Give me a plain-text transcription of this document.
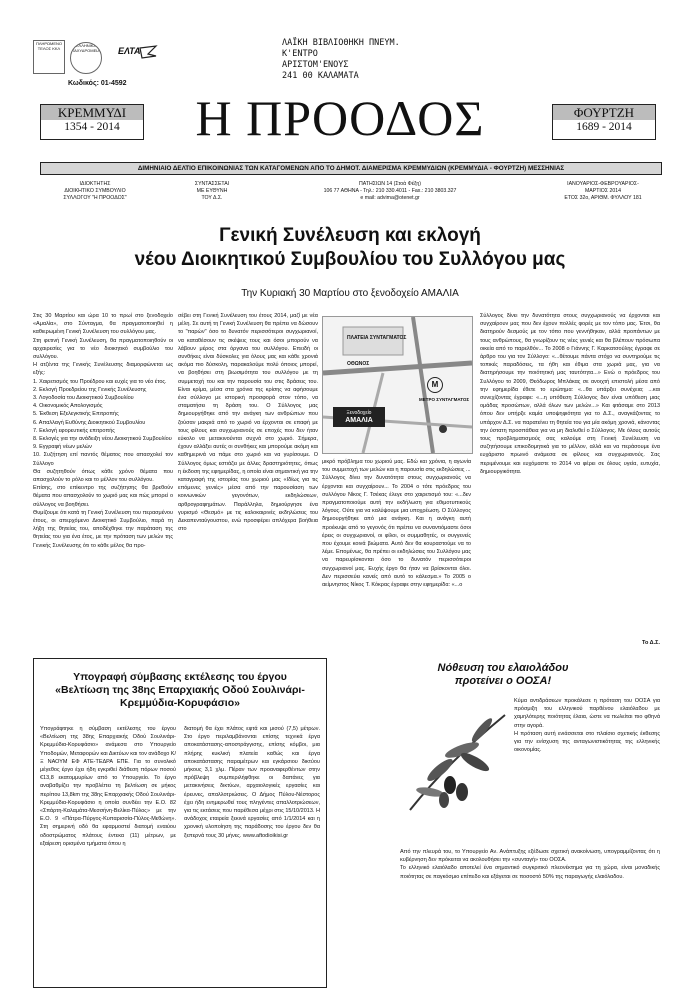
ΠΛΗΡΩΜΕΝΟ ΤΕΛΟΣ ΚΚΛ
ΕΛΛΗΝΙΚΑ ΤΑΧΥΔΡΟΜΕΙΑ ΕΛΤΑ
Κωδικός: 01-4592
ΛΑΪΚΗ ΒΙΒΛΙΟΘΗΚΗ ΠΝΕΥΜ.
Κ'ΕΝΤΡΟ
ΑΡΙΣΤΟΜ'ΕΝΟΥΣ
241 00 ΚΑΛΑΜΑΤΑ
ΚΡΕΜΜΥΔΙ
1354 - 2014
ΦΟΥΡΤΖΗ
1689 - 2014
Η ΠΡΟΟΔΟΣ
ΔΙΜΗΝΙΑΙΟ ΔΕΛΤΙΟ ΕΠΙΚΟΙΝΩΝΙΑΣ ΤΩΝ ΚΑΤΑΓΟΜΕΝΩΝ ΑΠΟ ΤΟ ΔΗΜΟΤ. ΔΙΑΜΕΡΙΣΜΑ ΚΡΕΜΜΥΔΙΩΝ (ΚΡΕΜΜΥΔΙΑ - ΦΟΥΡΤΖΗ) ΜΕΣΣΗΝΙΑΣ
ΙΔΙΟΚΤΗΤΗΣ
ΔΙΟΙΚΗΤΙΚΟ ΣΥΜΒΟΥΛΙΟ
ΣΥΛΛΟΓΟΥ "Η ΠΡΟΟΔΟΣ"
ΣΥΝΤΑΣΣΕΤΑΙ
ΜΕ ΕΥΘΥΝΗ
ΤΟΥ Δ.Σ.
ΠΑΤΗΣΙΩΝ 14 (Στοά Φέξη)
106 77 ΑΘΗΝΑ - Τηλ.: 210 330.4011 - Fax.: 210 3803.327
e mail: advima@otenet.gr
ΙΑΝΟΥΑΡΙΟΣ-ΦΕΒΡΟΥΑΡΙΟΣ-
ΜΑΡΤΙΟΣ 2014
ΕΤΟΣ 32ο, ΑΡΙΘΜ. ΦΥΛΛΟΥ 181
Γενική Συνέλευση και εκλογή
νέου Διοικητικού Συμβουλίου του Συλλόγου μας
Την Κυριακή 30 Μαρτίου στο ξενοδοχείο ΑΜΑΛΙΑ

Στις 30 Μαρτίου και ώρα 10 το πρωί στο ξενοδοχείο «Αμαλία», στο Σύνταγμα, θα πραγματοποιηθεί η καθιερωμένη Γενική Συνέλευση του συλλόγου μας.

Στη φετινή Γενική Συνέλευση, θα πραγματοποιηθούν οι αρχαιρεσίες για το νέο διοικητικό συμβούλιο του συλλόγου.

Η ατζέντα της Γενικής Συνέλευσης διαμορφώνεται ως εξής:

1. Χαιρετισμός του Προέδρου και ευχές για το νέο έτος.
2. Εκλογή Προεδρείου της Γενικής Συνέλευσης
3. Λογοδοσία του Διοικητικού Συμβουλίου
4. Οικονομικός Απολογισμός
5. Έκθεση Εξελεγκτικής Επιτροπής
6. Απαλλαγή Ευθύνης Διοικητικού Συμβουλίου
7. Εκλογή εφορευτικής επιτροπής
8. Εκλογές για την ανάδειξη νέου Διοικητικού Συμβουλίου
9. Εγγραφή νέων μελών
10. Συζήτηση επί παντός θέματος που απασχολεί τον Σύλλογο

Θα συζητηθούν όπως κάθε χρόνο θέματα που απασχολούν το ρόλο και το μέλλον του συλλόγου.

Επίσης, στο επίκεντρο της συζήτησης θα βρεθούν θέματα που απασχολούν το χωριό μας και πώς μπορεί ο σύλλογος να βοηθήσει.

Θυμίζουμε ότι κατά τη Γενική Συνέλευση του περασμένου έτους, οι απερχόμενο Διοικητικό Συμβούλιο, παρά τη λήξη της θητείας του, αποδέχθηκε την παράταση της θητείας του για ένα έτος, με την πρόταση των μελών της Γενικής Συνέλευσης ότι το κάθε μέλος θα προ-

σέβει στη Γενική Συνέλευση του έτους 2014, μαζί με νέα μέλη. Σε αυτή τη Γενική Συνέλευση θα πρέπει να δώσουν το "παρών" όσο το δυνατόν περισσότεροι συγχωριανοί, να καταθέσουν τις σκέψεις τους και όσοι μπορούν να λάβουν μέρος στα όργανα του συλλόγου. Επειδή οι συνθήκες είναι δύσκολες για όλους μας και κάθε χρονιά ακόμα πιο δύσκολη, παρακαλούμε πολύ όποιος μπορεί, να βοηθήσει στη βιωσιμότητα του συλλόγου με τη συμμετοχή του και την παρουσία του στις δράσεις του. Είναι κρίμα, μέσα στα χρόνια της κρίσης να αφήσουμε ένα σύλλογο με ιστορική προσφορά στον τόπο, να σταματήσει τη δράση του. Ο Σύλλογος μας δημιουργήθηκε από την ανάγκη των ανθρώπων που ζούσαν μακριά από το χωριό να έρχονται σε επαφή με τους φίλους και συγχωριανούς σε εποχές που δεν ήταν εύκολο να μετακινούνται συχνά στο χωριό. Σήμερα, έχουν αλλάξει αυτές οι συνθήκες και μπορούμε ακόμη και καθημερινά να πάμε στο χωριό και να γυρίσουμε. Ο Σύλλογος όμως εστιάζει με άλλες δραστηριότητες, όπως η έκδοση της εφημερίδας, η οποία είναι σημαντική για την καταγραφή της ιστορίας του χωριού μας «Ιδίως για τις επόμενες γενιές» μέσα από την παρουσίαση των κοινωνικών γεγονότων, εκδηλώσεων, αρθρογραφημάτων. Παράλληλα, δημιούργησε ένα γυρισμό «Θεσμό» με τις καλοκαιρινές εκδηλώσεις του Δεκαπενταύγουστου, ενώ προσφέρει απλόχερα βοήθεια στο

ΠΛΑΤΕΙΑ ΣΥΝΤΑΓΜΑΤΟΣ
ΟΘΩΝΟΣ
M
ΜΕΤΡΟ ΣΥΝΤΑΓΜΑΤΟΣ
Ξενοδοχείο
ΑΜΑΛΙΑ

μικρό πρόβλημα του χωριού μας. Εδώ και χρόνια, η αγωνία του συμμετοχή των μελών και η παρουσία στις εκδηλώσεις ...

Σύλλογος δίνει την δυνατότητα στους συγχωριανούς να έρχονται και συγχαίρουν... Το 2004 ο τότε πρόεδρος του συλλόγου Νίκος Γ. Τσέκας έλεγε στο χαιρετισμό του: «...δεν πραγματοποιούμε αυτή την εκδήλωση για εθιμοτυπικούς λόγους. Ούτε για να καλύψουμε μια υποχρέωση. Ο Σύλλογος δημιουργήθηκε από μια ανάγκη. Και η ανάγκη αυτή προέκυψε από το γεγονός ότι πρέπει να συναντιόμαστε όσοι έρεις οι συγχωριανοί, οι φίλοι, οι συμμαθητές, οι συγγενείς που έχουμε κοινά βιώματα. Αυτό δεν θα κουραστούμε να το λέμε. Επομένως, θα πρέπει οι εκδηλώσεις του Συλλόγου μας να παρευρίσκονται όσο το δυνατόν περισσότεροι συγχωριανοί μας. Ευχής έργο θα ήταν να βρίσκονται όλοι. Δεν περισσεύει κανείς από αυτό το κάλεσμα.» Το 2005 ο αείμνηστος Νίκος Τ. Κόκρας έγραφε στην εφημερίδα: «...ο

Σύλλογος δίνει την δυνατότητα στους συγχωριανούς να έρχονται και συγχαίρουν μας που δεν έχουν πολλές φορές με τον τόπο μας. Έτσι, θα διατηρούν δεσμούς με τον τόπο που γεννήθηκαν, αλλά προπάντων με τους ανθρώπους, θα γνωρίζουν τις νέες γενιές και θα βλέπουν πρόσωπα οικεία από το παρελθόν... Το 2008 ο Γιάννης Γ. Καρκατσούλης έγραφε σε άρθρο του για τον Σύλλογο: «...θέτουμε πάντα στόχο να συντηρούμε τις τοπικές παραδόσεις, τα ήθη και έθιμα στα χωριά μας, για να διατηρήσουμε την ποιότητική μας ταυτότητα...» Ενώ ο πρόεδρος του Συλλόγου το 2009, Θεόδωρος Μπλάκας σε ανοιχτή επιστολή μέσα από την εφημερίδα έθετε το ερώτημα: «...θα υπάρξει συνέχεια; ...και συνεχίζοντας έγραφε: «...η υπόθεση Σύλλογος δεν είναι υπόθεση μιας ομάδας προσώπων, αλλά όλων των μελών...» Και φτάσαμε στο 2013 όπου δεν υπήρξε καμία υποψηφιότητα για το Δ.Σ., αναγκάζοντας το υπάρχον Δ.Σ. να παρατείνει τη θητεία του για μία ακόμη χρονιά, κάνοντας την ύστατη προσπάθεια για να μη διαλυθεί ο Σύλλογος. Με όλους αυτούς τους προβληματισμούς σας καλούμε στη Γενική Συνέλευση να συζητήσουμε επικοδομητικά για το μέλλον, αλλά και να περάσουμε ένα ευχάριστο πρωινό ανάμεσα σε φίλους και συγχωριανούς. Σας περιμένουμε και ευχόμαστε το 2014 να φέρει σε όλους υγεία, ευτυχία, δημιουργικότητα.

Το Δ.Σ.
Υπογραφή σύμβασης εκτέλεσης του έργου
«Βελτίωση της 38ης Επαρχιακής Οδού Σουλινάρι-
Κρεμμύδια-Κορυφάσιο»

Υπογράφτηκε η σύμβαση εκτέλεσης του έργου «Βελτίωση της 38ης Επαρχιακής Οδού Σουλινάρι-Κρεμμύδια-Κορυφάσιο» ανάμεσα στο Υπουργείο Υποδομών, Μεταφορών και Δικτύων και τον ανάδοχο Κ/Ξ ΝΑΟΥΜ ΕΦ ΑΤΕ-ΤΕΔΡΑ ΕΠΕ. Για το συνολικό μέγεθος έργο έχει ήδη εγκριθεί διάθεση πόρων ποσού €13,8 εκατομμυρίων από το Υπουργείο. Το έργο αναβαθμίζει την προβλέπει τη βελτίωση σε μήκος περίπου 13,8km της 38ης Επαρχιακής Οδού Σουλινάρι-Κρεμμύδια-Κορυφάσιο η οποία συνδέει την Ε.Ο. 82 «Σπάρτη-Καλαμάτα-Μεσσήνη-Βελίκα-Πύλος» με την Ε.Ο. 9 «Πάτρα-Πύργος-Κυπαρισσία-Πύλος-Μεθώνη». Στη σημερινή οδό θα εφαρμοστεί διατομή εναιύου οδοστρώματος πλάτους έντεκα (11) μέτρων, με εξαίρεση ορισμένα τμήματα όπου η

διατομή θα έχει πλάτος εφτά και μισού (7,5) μέτρων. Στο έργο περιλαμβάνονται επίσης τεχνικά έργα αποκατάστασης-αποστράγγισης, επίσης κόμβοι, μια πλήρης κυκλική πλατεία καθώς και έργα αποκατάστασης παραμέτρων και εγκάρσιου δικτύου μήκους 3,1 χλμ. Πέραν των προαναφερθέντων στην πρόβλεψη συμπεριλήφθηκε οι δαπάνες για μετακινήσεις δικτύων, αρχαιολογικές εργασίες και έρευνες, απαλλοτριώσεις. Ο Δήμος Πύλου-Νέστορος έχει ήδη ενημερωθεί τους πληγέντες απαλλοτριώσεων, για τις εκτάσεις που παρέθεσα μέχρι στις 15/10/2013. Η ανάδοχος εταιρεία ξεκινά εργασίες από 1/1/2014 και η χρονική υλοποίηση της παράδοσης του έργου δεν θα ξεπερνά τους 30 μήνες. www.aftodioikisi.gr

Νόθευση του ελαιολάδου
προτείνει ο ΟΟΣΑ!

Κύμα αντιδράσεων προκάλεσε η πρόταση του ΟΟΣΑ για πρόσμιξη του ελληνικού παρθένου ελαιόλαδου με χαμηλότερης ποιότητας έλαια, ώστε να πωλείται πιο φθηνά στην αγορά.

Η πρόταση αυτή ενιάσσεται στο πλαίσιο σχετικής έκθεσης για την ενίσχυση της ανταγωνιστικότητας της ελληνικής οικονομίας.

Από την πλευρά του, το Υπουργείο Αν. Ανάπτυξης εξέδωσε σχετική ανακοίνωση, υπογραμμίζοντας ότι η κυβέρνηση δεν πρόκειται να ακολουθήσει την «συνταγή» του ΟΟΣΑ.

Το ελληνικό ελαιόλαδο αποτελεί ένα σημαντικό συγκριτικό πλεονέκτημα για τη χώρα, είναι μοναδικής ποιότητας σε παγκόσμιο επίπεδο και εξάγεται σε ποσοστό 50% της παραγωγής ελαιόλαδου.
